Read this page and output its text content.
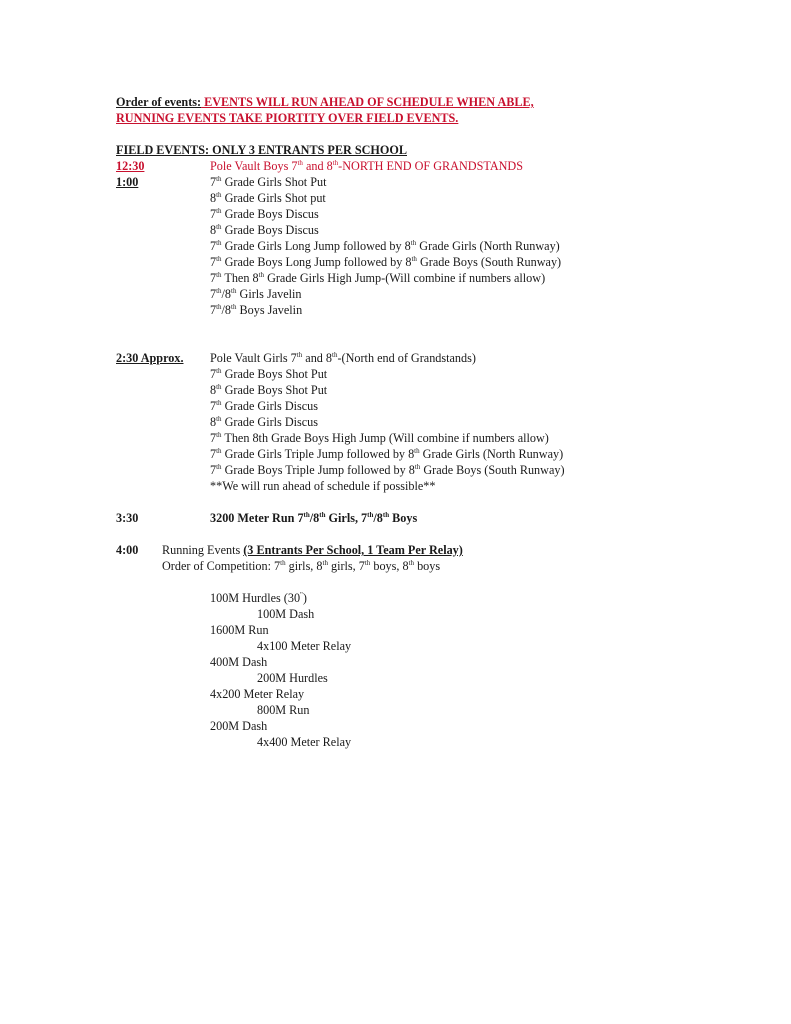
Order of events: EVENTS WILL RUN AHEAD OF SCHEDULE WHEN ABLE,
RUNNING EVENTS TAKE PIORTITY OVER FIELD EVENTS.
FIELD EVENTS: ONLY 3 ENTRANTS PER SCHOOL
12:30	Pole Vault Boys 7th and 8th-NORTH END OF GRANDSTANDS
1:00	7th Grade Girls Shot Put
8th Grade Girls Shot put
7th Grade Boys Discus
8th Grade Boys Discus
7th Grade Girls Long Jump followed by 8th Grade Girls (North Runway)
7th Grade Boys Long Jump followed by 8th Grade Boys (South Runway)
7th Then 8th Grade Girls High Jump-(Will combine if numbers allow)
7th/8th Girls Javelin
7th/8th Boys Javelin
2:30 Approx. Pole Vault Girls 7th and 8th-(North end of Grandstands)
7th Grade Boys Shot Put
8th Grade Boys Shot Put
7th Grade Girls Discus
8th Grade Girls Discus
7th Then 8th Grade Boys High Jump (Will combine if numbers allow)
7th Grade Girls Triple Jump followed by 8th Grade Girls (North Runway)
7th Grade Boys Triple Jump followed by 8th Grade Boys (South Runway)
**We will run ahead of schedule if possible**
3:30	3200 Meter Run 7th/8th Girls, 7th/8th Boys
4:00 Running Events (3 Entrants Per School, 1 Team Per Relay)
Order of Competition: 7th girls, 8th girls, 7th boys, 8th boys
100M Hurdles (30")
100M Dash
1600M Run
4x100 Meter Relay
400M Dash
200M Hurdles
4x200 Meter Relay
800M Run
200M Dash
4x400 Meter Relay
